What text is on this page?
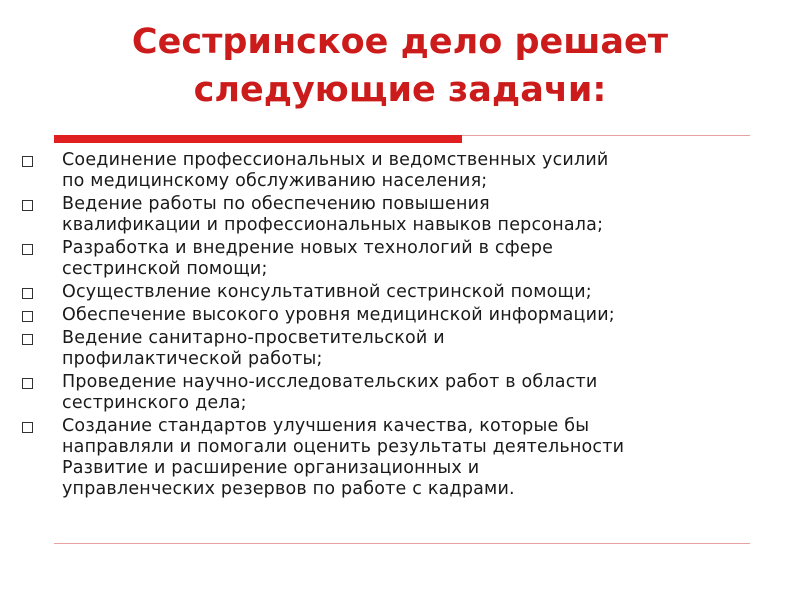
Сестринское дело решает
следующие задачи:
Соединение профессиональных и ведомственных усилий
по медицинскому обслуживанию населения;
Ведение работы по обеспечению повышения
квалификации и профессиональных навыков персонала;
Разработка и внедрение новых технологий в сфере
сестринской помощи;
Осуществление консультативной сестринской помощи;
Обеспечение высокого уровня медицинской информации;
Ведение санитарно-просветительской и
профилактической работы;
Проведение научно-исследовательских работ в области
сестринского дела;
Создание стандартов улучшения качества, которые бы
направляли и помогали оценить результаты деятельности
Развитие и расширение организационных и
управленческих резервов по работе с кадрами.
